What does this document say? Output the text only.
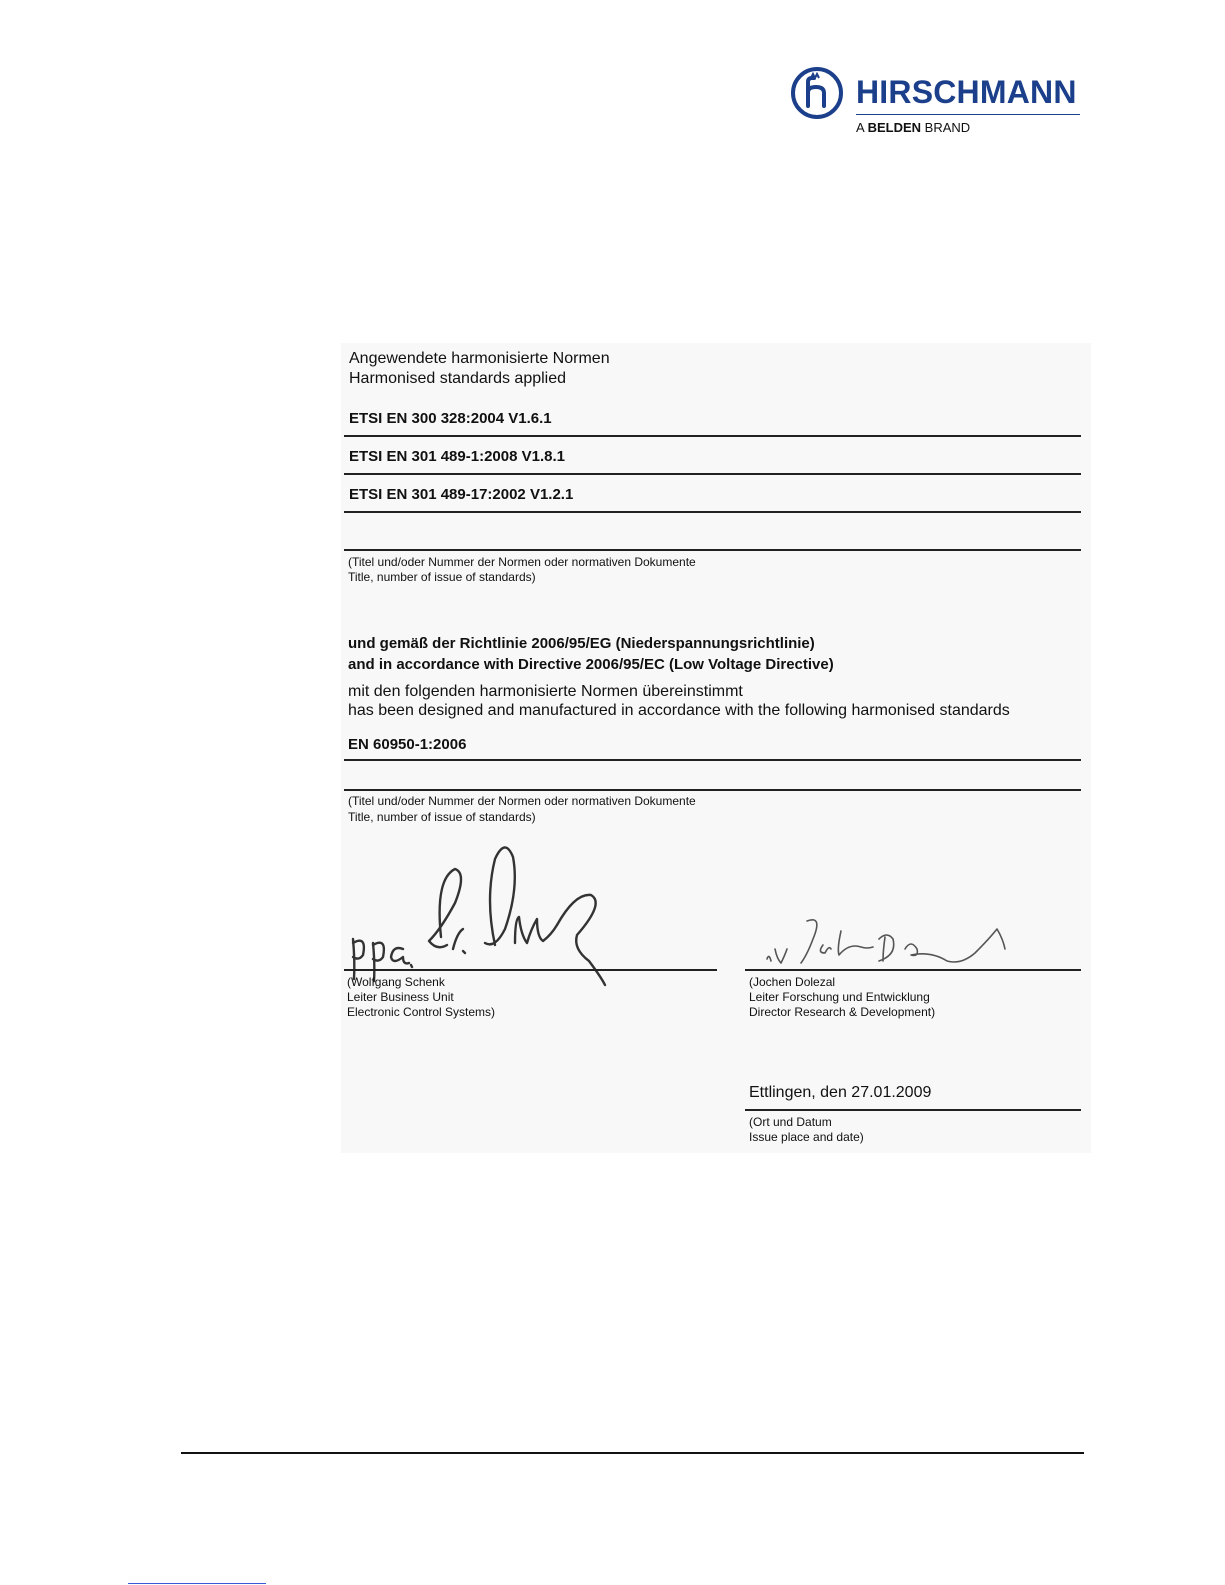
HIRSCHMANN
A BELDEN BRAND
Angewendete harmonisierte Normen
Harmonised standards applied
ETSI EN 300 328:2004 V1.6.1
ETSI EN 301 489-1:2008 V1.8.1
ETSI EN 301 489-17:2002 V1.2.1
(Titel und/oder Nummer der Normen oder normativen Dokumente
Title, number of issue of standards)
und gemäß der Richtlinie 2006/95/EG (Niederspannungsrichtlinie)
and in accordance with Directive 2006/95/EC (Low Voltage Directive)
mit den folgenden harmonisierte Normen übereinstimmt
has been designed and manufactured in accordance with the following harmonised standards
EN 60950-1:2006
(Titel und/oder Nummer der Normen oder normativen Dokumente
Title, number of issue of standards)
(Wolfgang Schenk
Leiter Business Unit
Electronic Control Systems)
(Jochen Dolezal
Leiter Forschung und Entwicklung
Director Research & Development)
Ettlingen, den 27.01.2009
(Ort und Datum
Issue place and date)
